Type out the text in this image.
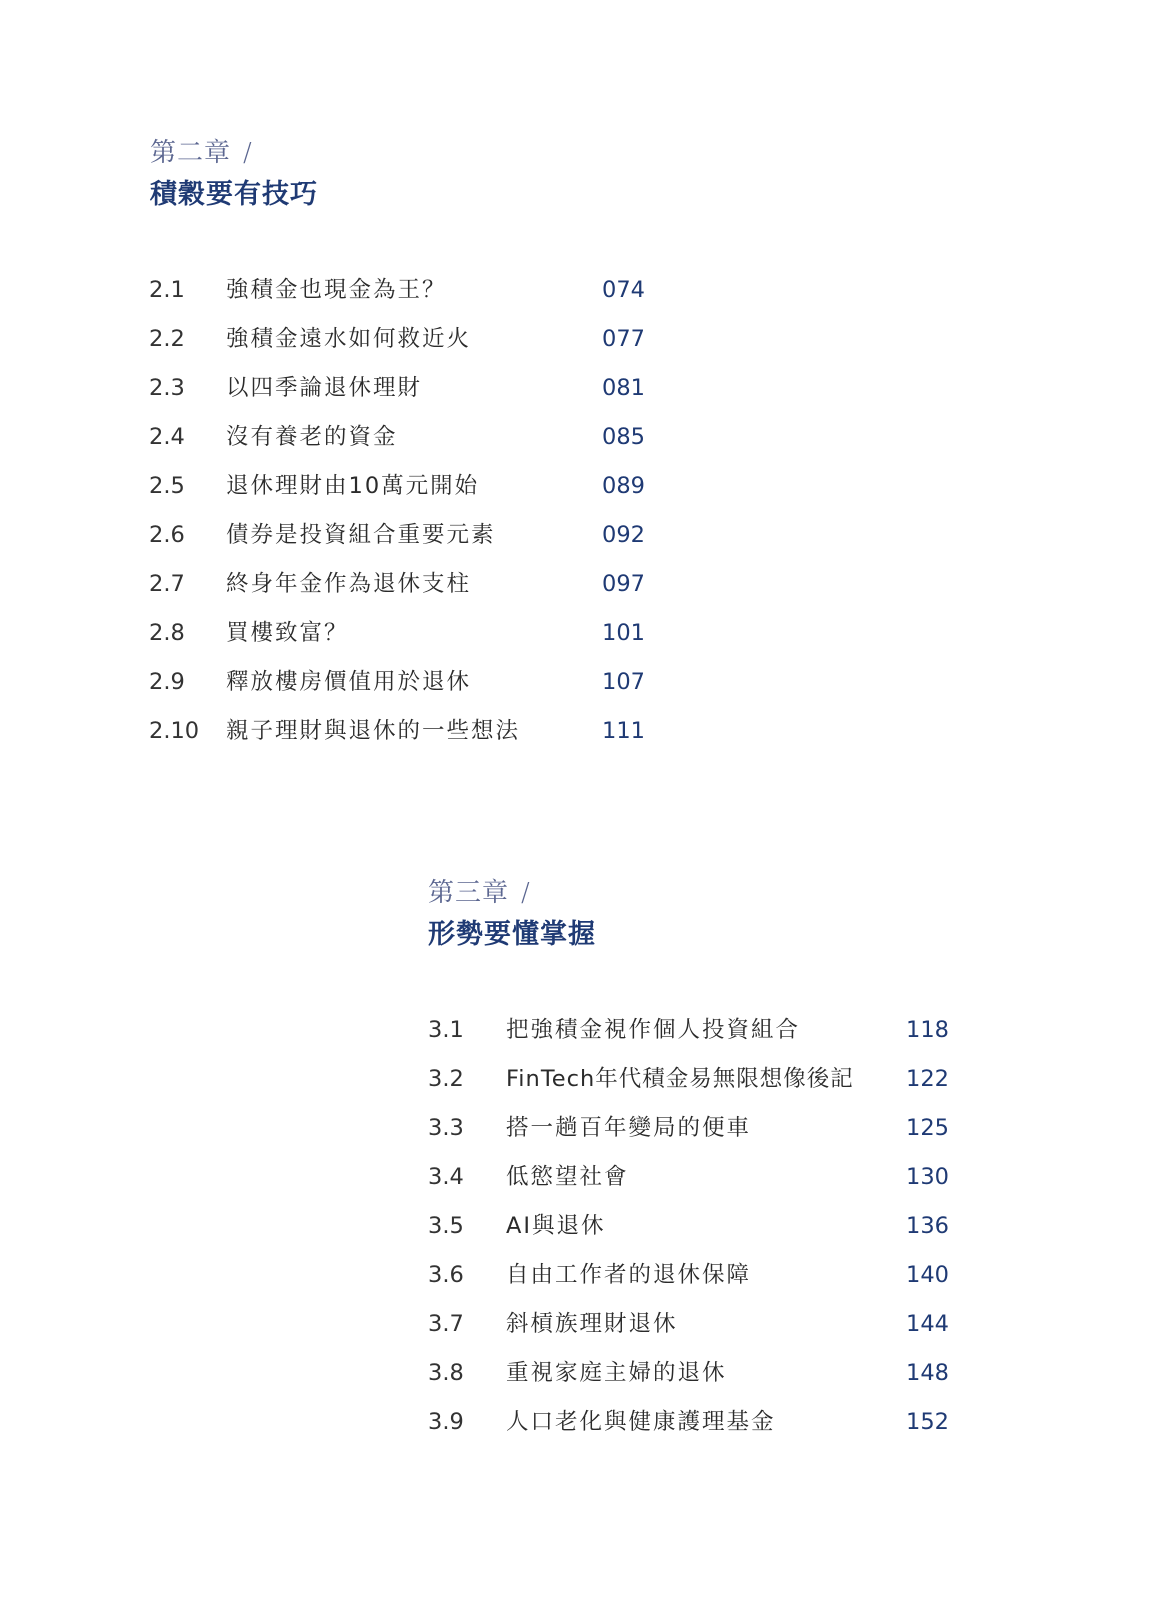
第二章 /
積穀要有技巧
2.1 強積金也現金為王？	074
2.2 強積金遠水如何救近火	077
2.3 以四季論退休理財	081
2.4 沒有養老的資金	085
2.5 退休理財由10萬元開始	089
2.6 債券是投資組合重要元素	092
2.7 終身年金作為退休支柱	097
2.8 買樓致富？	101
2.9 釋放樓房價值用於退休	107
2.10 親子理財與退休的一些想法	111
第三章 /
形勢要懂掌握
3.1 把強積金視作個人投資組合	118
3.2 FinTech年代積金易無限想像後記 122
3.3 搭一趟百年變局的便車	125
3.4 低慾望社會	130
3.5 AI與退休	136
3.6 自由工作者的退休保障	140
3.7 斜槓族理財退休	144
3.8 重視家庭主婦的退休	148
3.9 人口老化與健康護理基金	152
